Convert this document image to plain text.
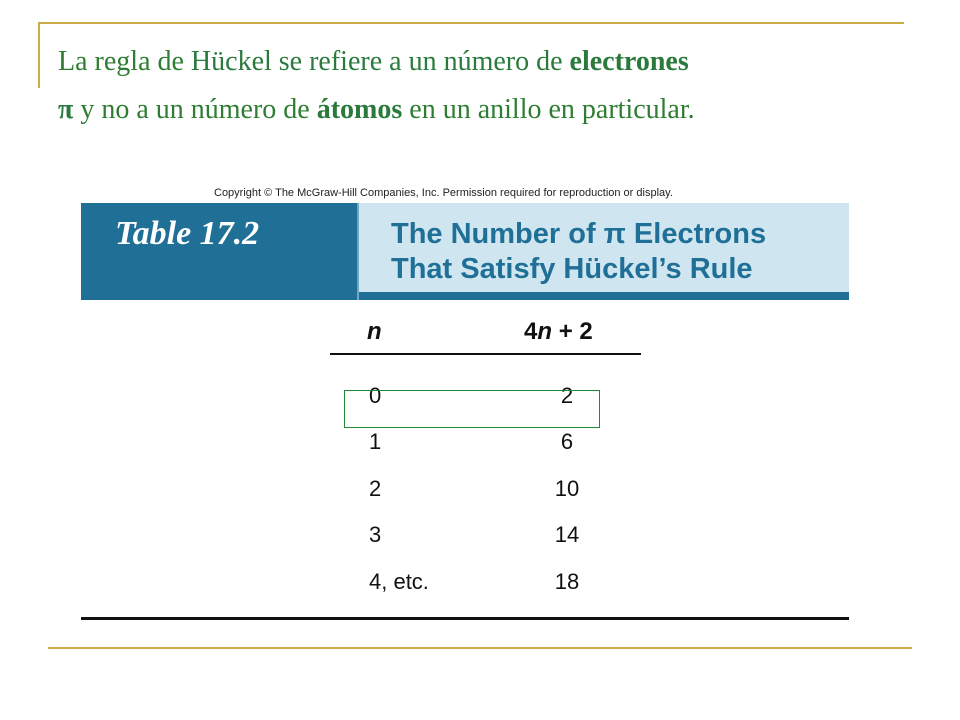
La regla de Hückel se refiere a un número de electrones
π y no a un número de átomos en un anillo en particular.
Copyright © The McGraw-Hill Companies, Inc. Permission required for reproduction or display.
Table 17.2	The Number of π Electrons
That Satisfy Hückel’s Rule
n	4n + 2
0	2
1	6
2	10
3	14
4, etc.	18
